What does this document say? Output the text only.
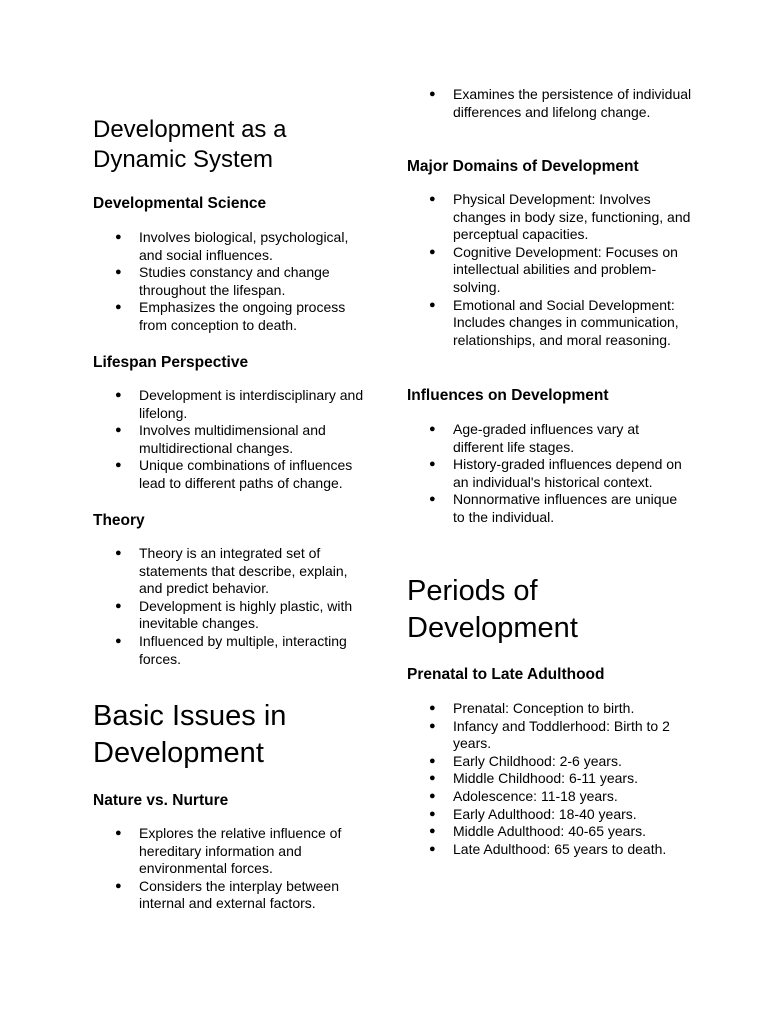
Development as a Dynamic System
Developmental Science
● Involves biological, psychological, and social influences.
● Studies constancy and change throughout the lifespan.
● Emphasizes the ongoing process from conception to death.
Lifespan Perspective
● Development is interdisciplinary and lifelong.
● Involves multidimensional and multidirectional changes.
● Unique combinations of influences lead to different paths of change.
Theory
● Theory is an integrated set of statements that describe, explain, and predict behavior.
● Development is highly plastic, with inevitable changes.
● Influenced by multiple, interacting forces.
Basic Issues in Development
Nature vs. Nurture
● Explores the relative influence of hereditary information and environmental forces.
● Considers the interplay between internal and external factors.
● Examines the persistence of individual differences and lifelong change.
Major Domains of Development
● Physical Development: Involves changes in body size, functioning, and perceptual capacities.
● Cognitive Development: Focuses on intellectual abilities and problem-solving.
● Emotional and Social Development: Includes changes in communication, relationships, and moral reasoning.
Influences on Development
● Age-graded influences vary at different life stages.
● History-graded influences depend on an individual's historical context.
● Nonnormative influences are unique to the individual.
Periods of Development
Prenatal to Late Adulthood
● Prenatal: Conception to birth.
● Infancy and Toddlerhood: Birth to 2 years.
● Early Childhood: 2-6 years.
● Middle Childhood: 6-11 years.
● Adolescence: 11-18 years.
● Early Adulthood: 18-40 years.
● Middle Adulthood: 40-65 years.
● Late Adulthood: 65 years to death.
